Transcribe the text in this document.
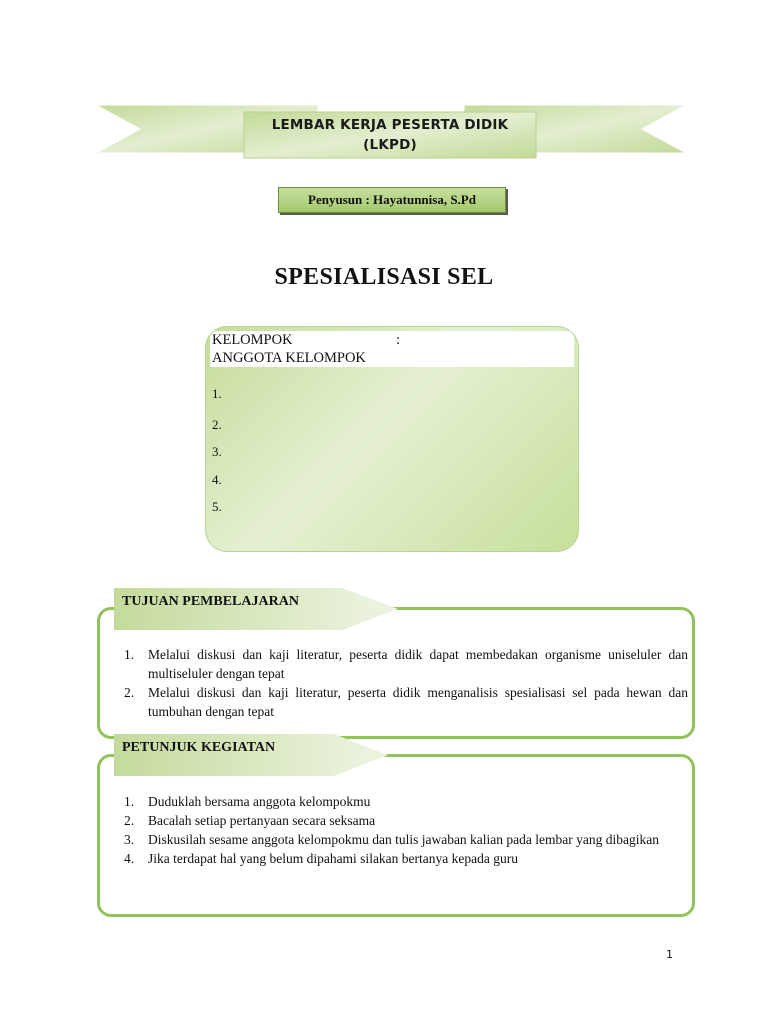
LEMBAR KERJA PESERTA DIDIK
(LKPD)
Penyusun : Hayatunnisa, S.Pd
SPESIALISASI SEL
KELOMPOK	:
ANGGOTA KELOMPOK
1.
2.
3.
4.
5.
1. Melalui diskusi dan kaji literatur, peserta didik dapat membedakan organisme uniseluler dan multiseluler dengan tepat
2. Melalui diskusi dan kaji literatur, peserta didik menganalisis spesialisasi sel pada hewan dan tumbuhan dengan tepat
TUJUAN PEMBELAJARAN
1. Duduklah bersama anggota kelompokmu
2. Bacalah setiap pertanyaan secara seksama
3. Diskusilah sesame anggota kelompokmu dan tulis jawaban kalian pada lembar yang dibagikan
4. Jika terdapat hal yang belum dipahami silakan bertanya kepada guru
PETUNJUK KEGIATAN
1
